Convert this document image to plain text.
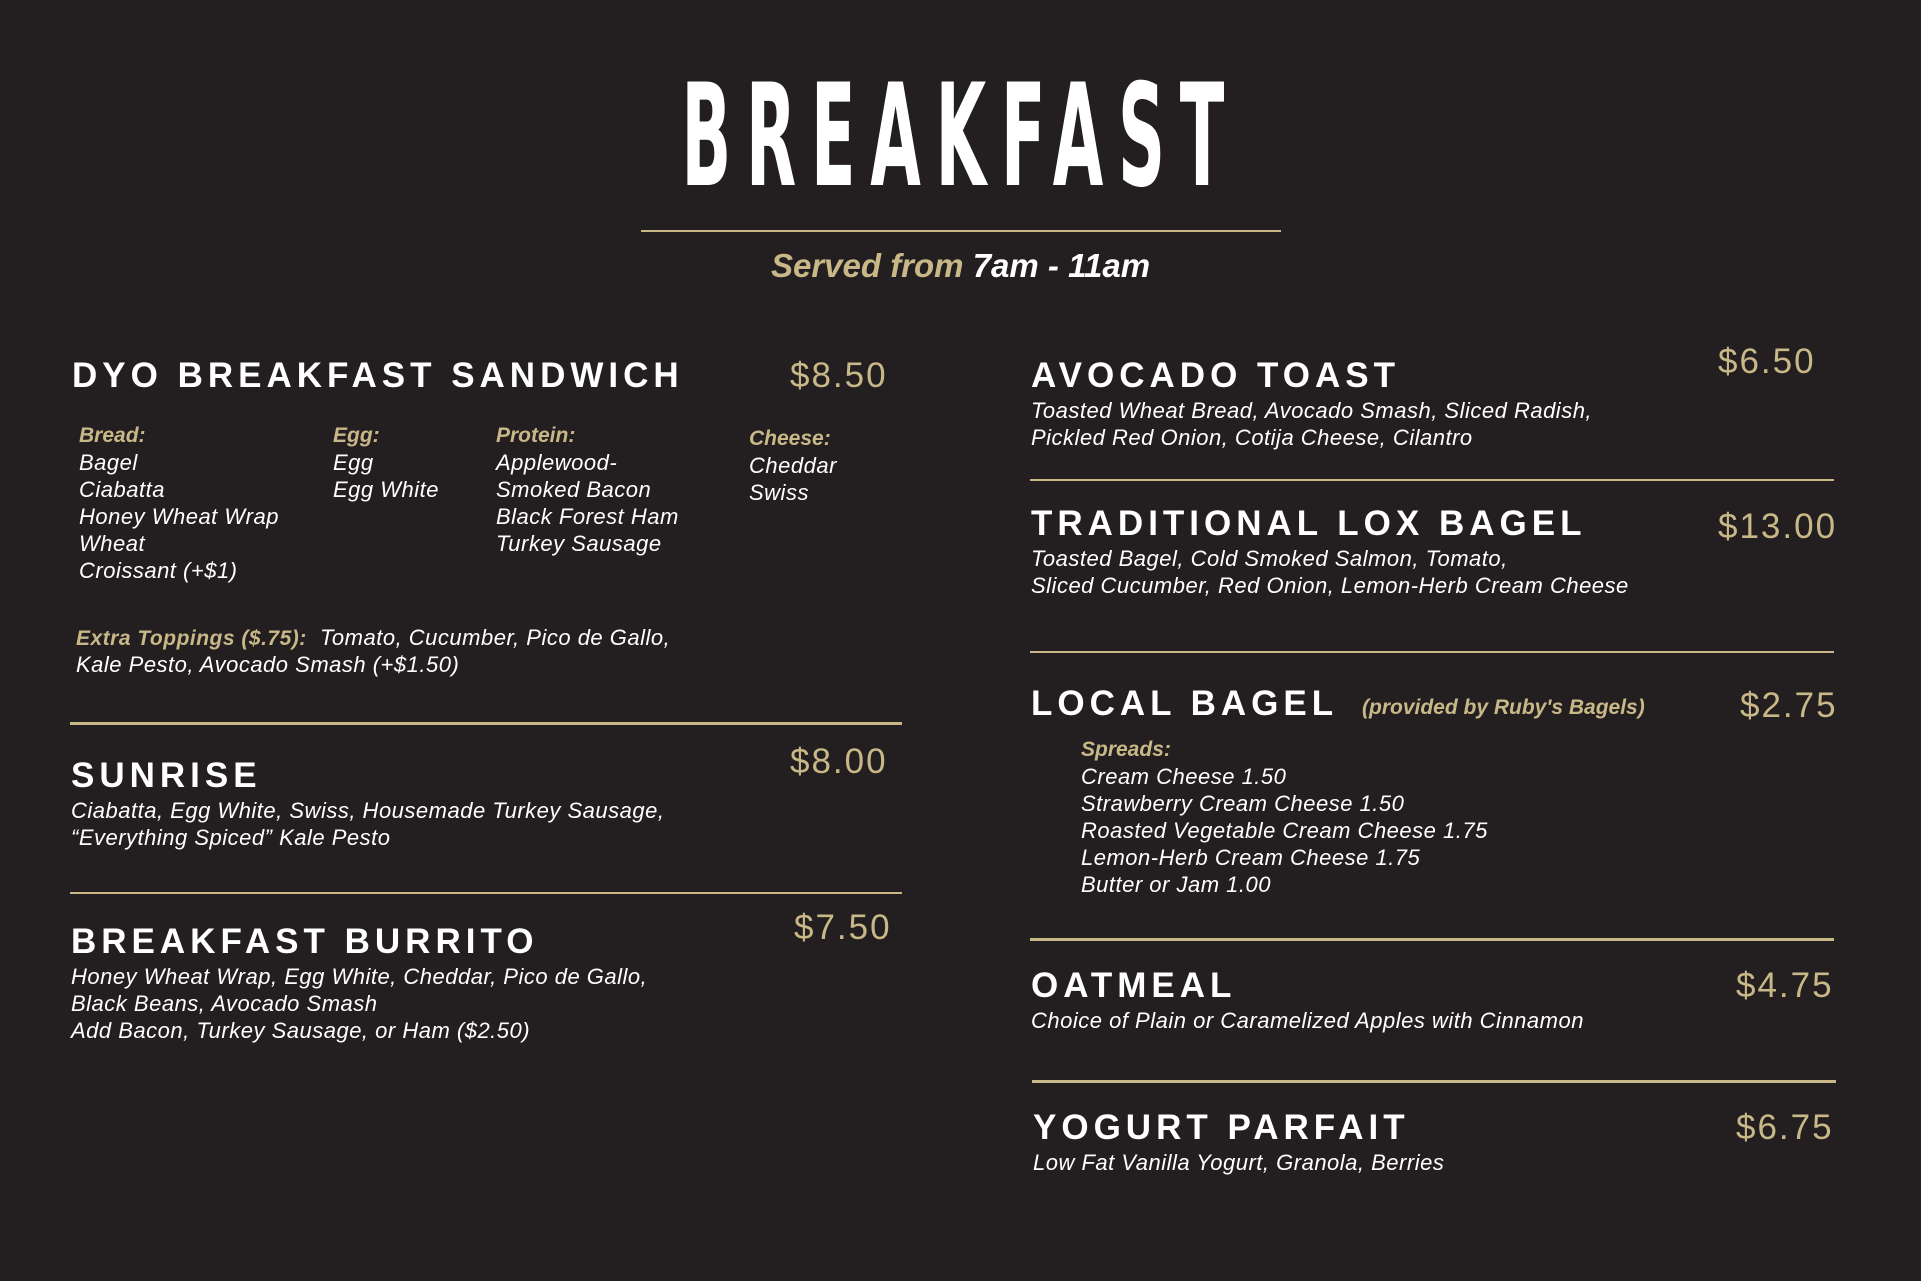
BREAKFAST
Served from 7am - 11am
DYO BREAKFAST SANDWICH	$8.50
Bread:
Bagel
Ciabatta
Honey Wheat Wrap
Wheat
Croissant (+$1)
Egg:
Egg
Egg White
Protein:
Applewood-
Smoked Bacon
Black Forest Ham
Turkey Sausage
Cheese:
Cheddar
Swiss
Extra Toppings ($.75): Tomato, Cucumber, Pico de Gallo,
Kale Pesto, Avocado Smash (+$1.50)
SUNRISE	$8.00
Ciabatta, Egg White, Swiss, Housemade Turkey Sausage,
“Everything Spiced” Kale Pesto
BREAKFAST BURRITO	$7.50
Honey Wheat Wrap, Egg White, Cheddar, Pico de Gallo,
Black Beans, Avocado Smash
Add Bacon, Turkey Sausage, or Ham ($2.50)
AVOCADO TOAST	$6.50
Toasted Wheat Bread, Avocado Smash, Sliced Radish,
Pickled Red Onion, Cotija Cheese, Cilantro
TRADITIONAL LOX BAGEL	$13.00
Toasted Bagel, Cold Smoked Salmon, Tomato,
Sliced Cucumber, Red Onion, Lemon-Herb Cream Cheese
LOCAL BAGEL (provided by Ruby's Bagels)	$2.75
Spreads:
Cream Cheese 1.50
Strawberry Cream Cheese 1.50
Roasted Vegetable Cream Cheese 1.75
Lemon-Herb Cream Cheese 1.75
Butter or Jam 1.00
OATMEAL	$4.75
Choice of Plain or Caramelized Apples with Cinnamon
YOGURT PARFAIT	$6.75
Low Fat Vanilla Yogurt, Granola, Berries
